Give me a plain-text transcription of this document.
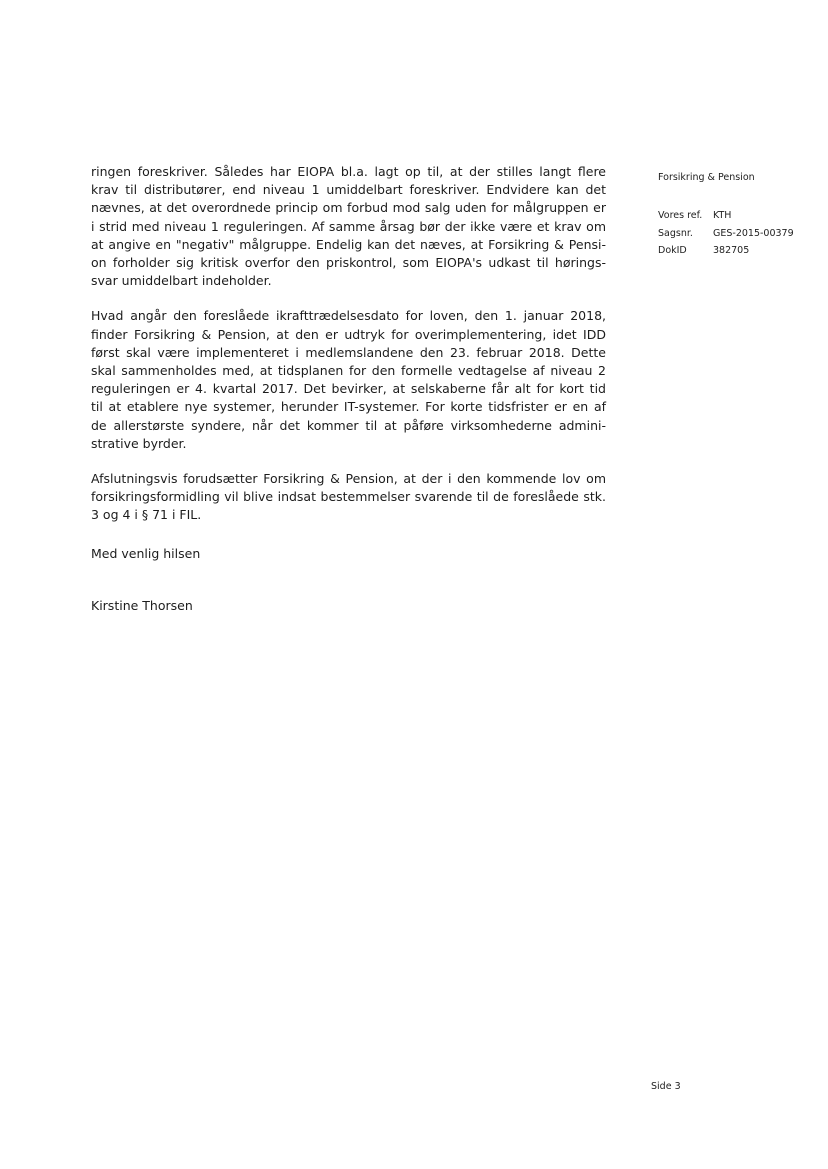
Forsikring & Pension
Vores ref.	KTH
Sagsnr.	GES-2015-00379
DokID	382705
ringen foreskriver. Således har EIOPA bl.a. lagt op til, at der stilles langt flere
krav til distributører, end niveau 1 umiddelbart foreskriver. Endvidere kan det
nævnes, at det overordnede princip om forbud mod salg uden for målgruppen er
i strid med niveau 1 reguleringen. Af samme årsag bør der ikke være et krav om
at angive en "negativ" målgruppe. Endelig kan det næves, at Forsikring & Pensi-
on forholder sig kritisk overfor den priskontrol, som EIOPA's udkast til hørings-
svar umiddelbart indeholder.
Hvad angår den foreslåede ikrafttrædelsesdato for loven, den 1. januar 2018,
finder Forsikring & Pension, at den er udtryk for overimplementering, idet IDD
først skal være implementeret i medlemslandene den 23. februar 2018. Dette
skal sammenholdes med, at tidsplanen for den formelle vedtagelse af niveau 2
reguleringen er 4. kvartal 2017. Det bevirker, at selskaberne får alt for kort tid
til at etablere nye systemer, herunder IT-systemer. For korte tidsfrister er en af
de allerstørste syndere, når det kommer til at påføre virksomhederne admini-
strative byrder.
Afslutningsvis forudsætter Forsikring & Pension, at der i den kommende lov om
forsikringsformidling vil blive indsat bestemmelser svarende til de foreslåede stk.
3 og 4 i § 71 i FIL.
Med venlig hilsen
Kirstine Thorsen
Side 3
